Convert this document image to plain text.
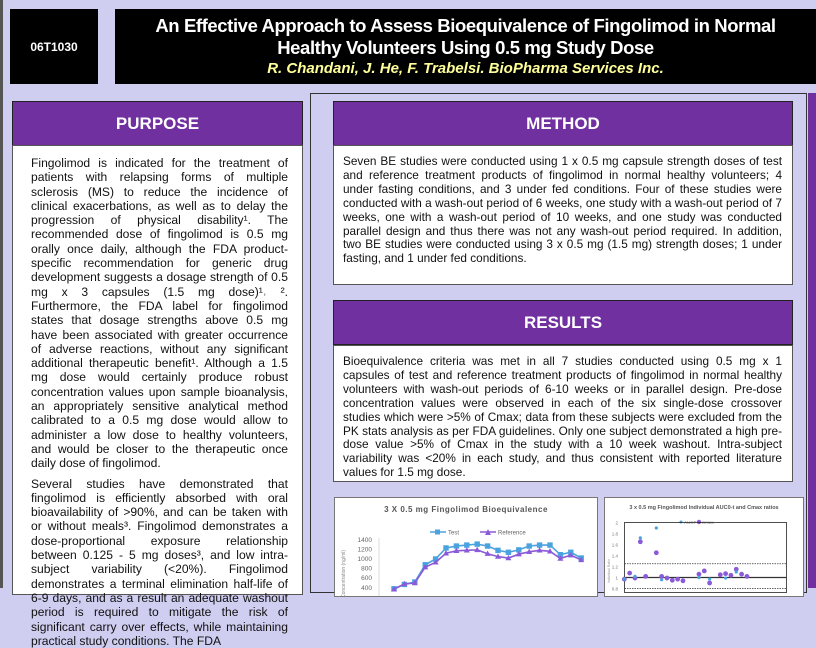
06T1030
An Effective Approach to Assess Bioequivalence of Fingolimod in Normal
Healthy Volunteers Using 0.5 mg Study Dose
R. Chandani, J. He, F. Trabelsi. BioPharma Services Inc.
PURPOSE

Fingolimod is indicated for the treatment of patients with relapsing forms of multiple sclerosis (MS) to reduce the incidence of clinical exacerbations, as well as to delay the progression of physical disability¹. The recommended dose of fingolimod is 0.5 mg orally once daily, although the FDA product-specific recommendation for generic drug development suggests a dosage strength of 0.5 mg x 3 capsules (1.5 mg dose)¹˒ ². Furthermore, the FDA label for fingolimod states that dosage strengths above 0.5 mg have been associated with greater occurrence of adverse reactions, without any significant additional therapeutic benefit¹. Although a 1.5 mg dose would certainly produce robust concentration values upon sample bioanalysis, an appropriately sensitive analytical method calibrated to a 0.5 mg dose would allow to administer a low dose to healthy volunteers, and would be closer to the therapeutic once daily dose of fingolimod.

Several studies have demonstrated that fingolimod is efficiently absorbed with oral bioavailability of >90%, and can be taken with or without meals³. Fingolimod demonstrates a dose-proportional exposure relationship between 0.125 - 5 mg doses³, and low intra-subject variability (<20%). Fingolimod demonstrates a terminal elimination half-life of 6-9 days, and as a result an adequate washout period is required to mitigate the risk of significant carry over effects, while maintaining practical study conditions. The FDA

METHOD

Seven BE studies were conducted using 1 x 0.5 mg capsule strength doses of test and reference treatment products of fingolimod in normal healthy volunteers; 4 under fasting conditions, and 3 under fed conditions. Four of these studies were conducted with a wash-out period of 6 weeks, one study with a wash-out period of 7 weeks, one with a wash-out period of 10 weeks, and one study was conducted parallel design and thus there was not any wash-out period required. In addition, two BE studies were conducted using 3 x 0.5 mg (1.5 mg) strength doses; 1 under fasting, and 1 under fed conditions.

RESULTS

Bioequivalence criteria was met in all 7 studies conducted using 0.5 mg x 1 capsules of test and reference treatment products of fingolimod in normal healthy volunteers with wash-out periods of 6-10 weeks or in parallel design. Pre-dose concentration values were observed in each of the six single-dose crossover studies which were >5% of Cmax; data from these subjects were excluded from the PK stats analysis as per FDA guidelines. Only one subject demonstrated a high pre-dose value >5% of Cmax in the study with a 10 week washout. Intra-subject variability was <20% in each study, and thus consistent with reported literature values for 1.5 mg dose.

3 X 0.5 mg Fingolimod Bioequivalence
Test	Reference
1400
1200
1000
800
600
400
Concentration (ng/ml)
3 x 0.5 mg Fingolimod Individual AUC0-t and Cmax ratios
AUCT Cmax
2
1.8
1.6
1.4
1.2
1
0.8
Individual Ratio
